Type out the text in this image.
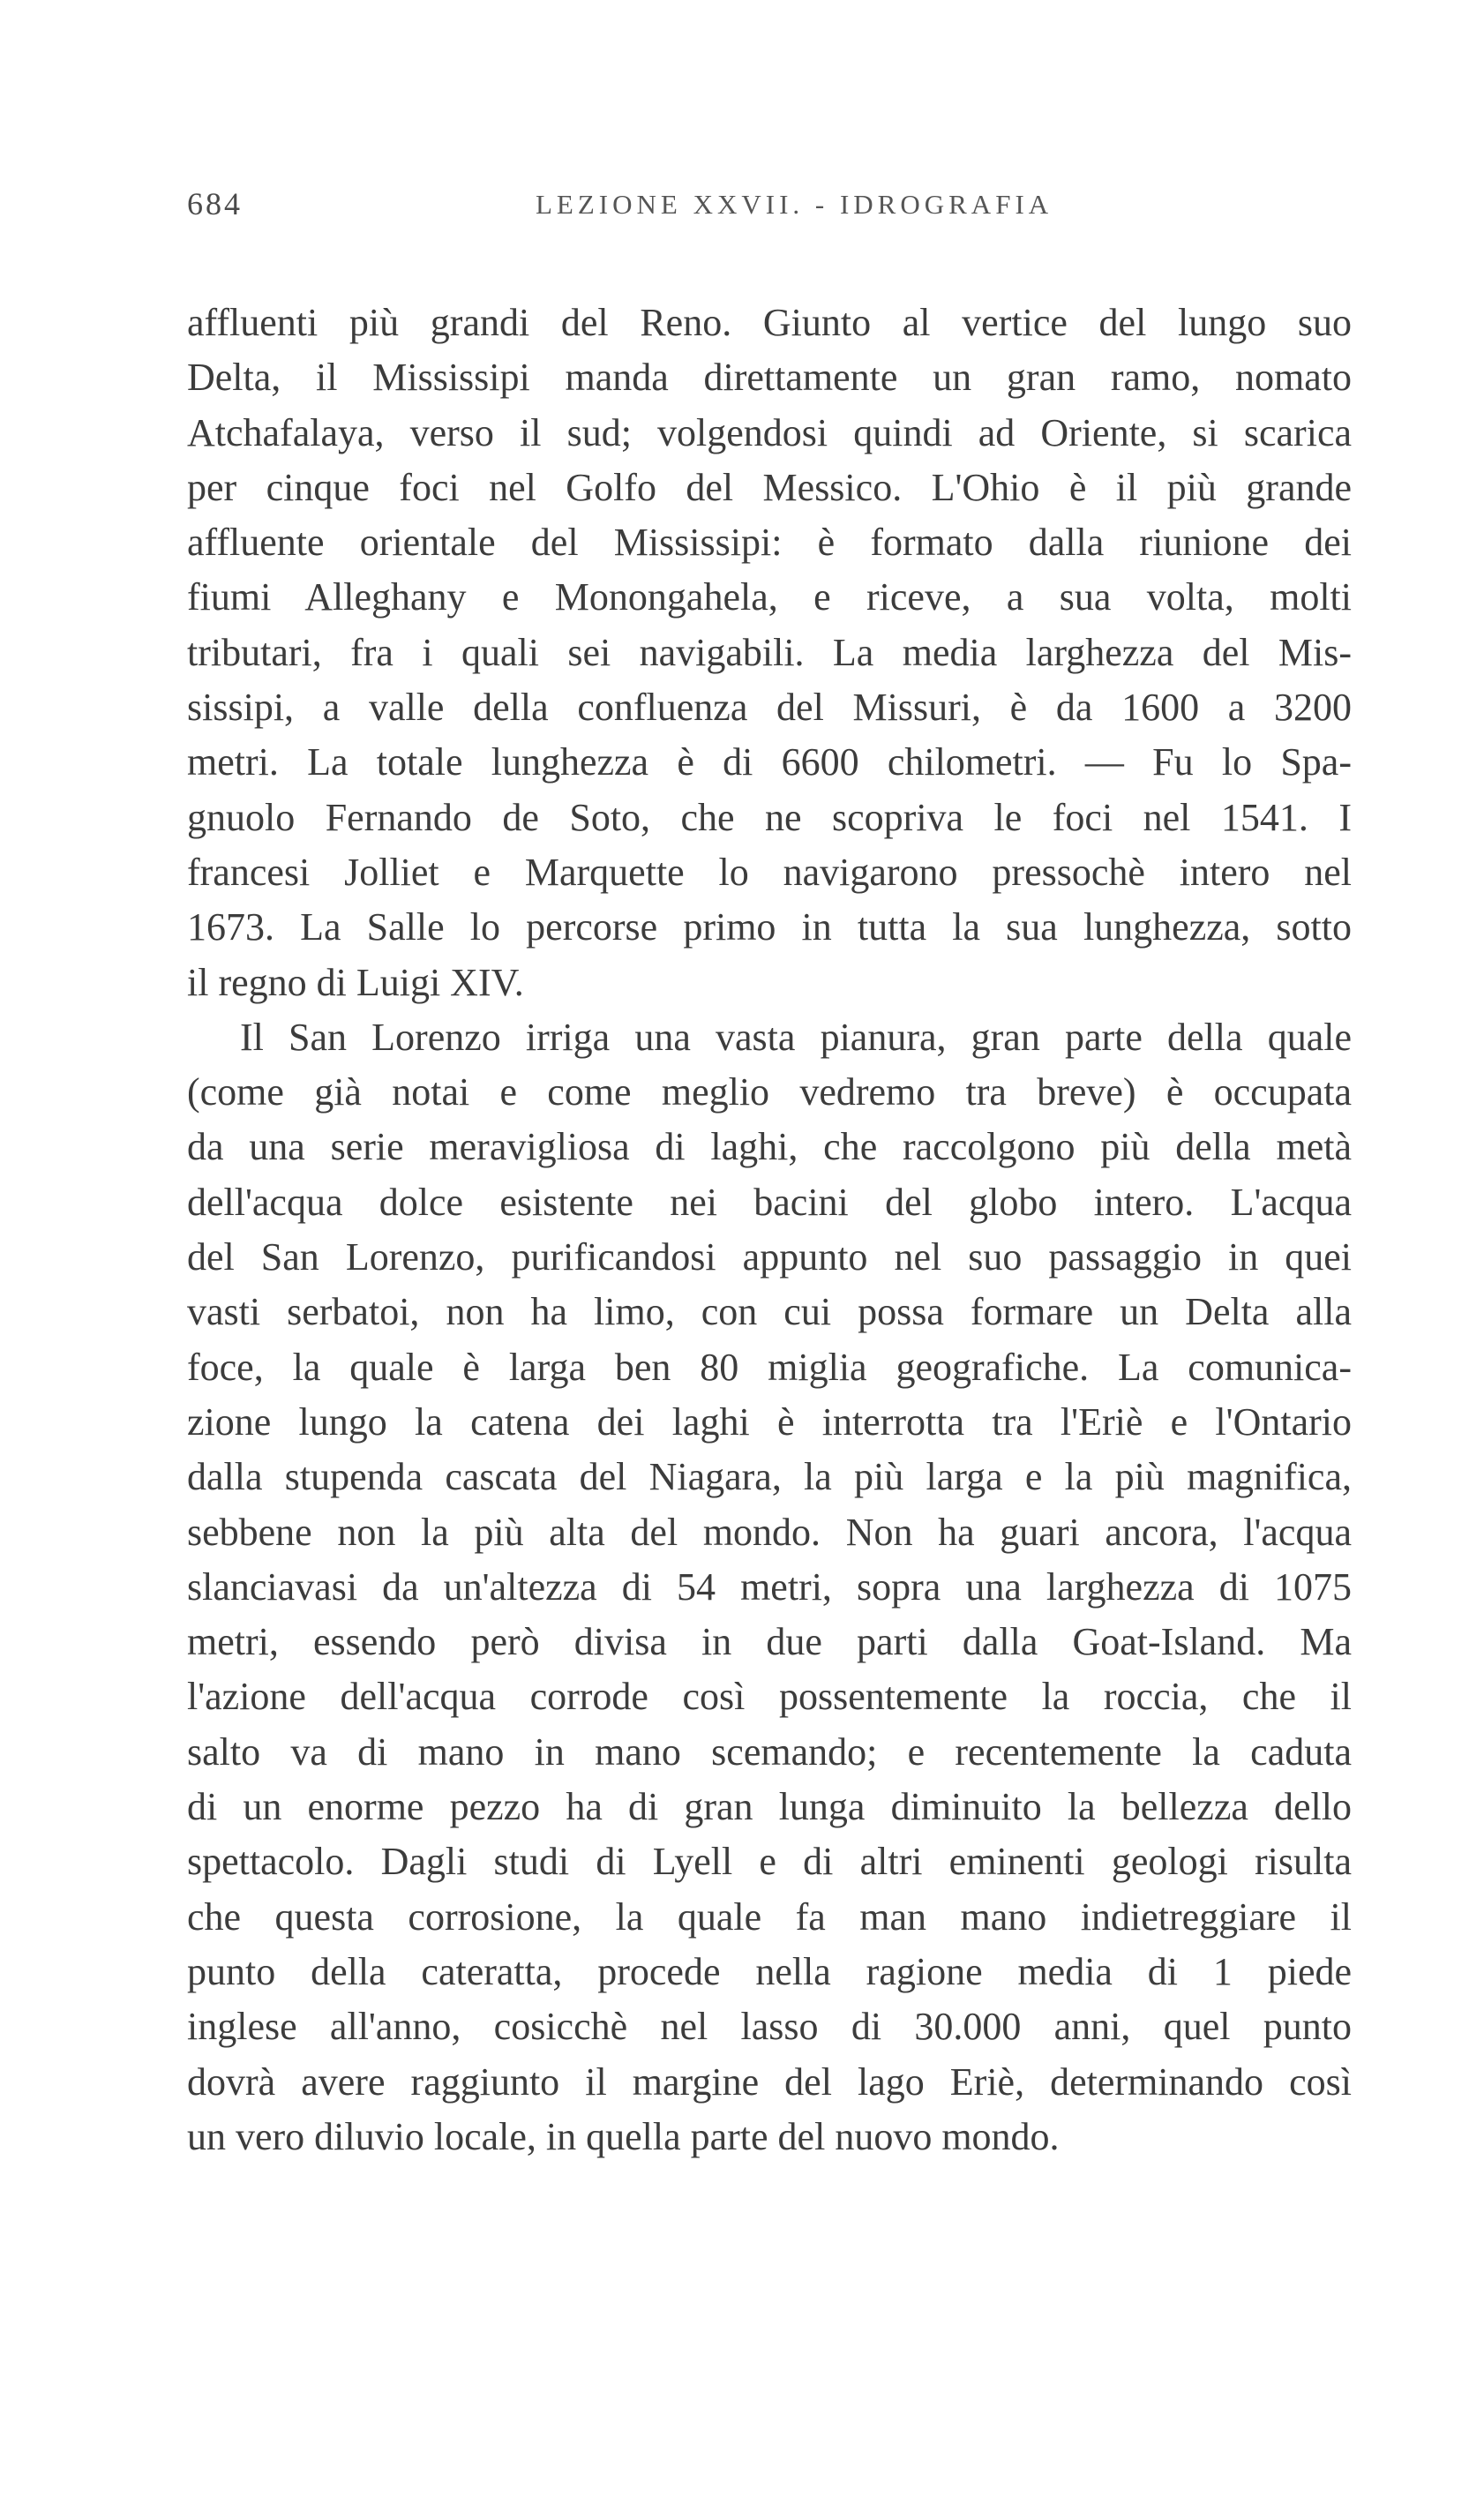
684	LEZIONE XXVII. - IDROGRAFIA
affluenti più grandi del Reno. Giunto al vertice del lungo suo
Delta, il Mississipi manda direttamente un gran ramo, nomato
Atchafalaya, verso il sud; volgendosi quindi ad Oriente, si scarica
per cinque foci nel Golfo del Messico. L'Ohio è il più grande
affluente orientale del Mississipi: è formato dalla riunione dei
fiumi Alleghany e Monongahela, e riceve, a sua volta, molti
tributari, fra i quali sei navigabili. La media larghezza del Mis-
sissipi, a valle della confluenza del Missuri, è da 1600 a 3200
metri. La totale lunghezza è di 6600 chilometri. — Fu lo Spa-
gnuolo Fernando de Soto, che ne scopriva le foci nel 1541. I
francesi Jolliet e Marquette lo navigarono pressochè intero nel
1673. La Salle lo percorse primo in tutta la sua lunghezza, sotto
il regno di Luigi XIV.
Il San Lorenzo irriga una vasta pianura, gran parte della quale
(come già notai e come meglio vedremo tra breve) è occupata
da una serie meravigliosa di laghi, che raccolgono più della metà
dell'acqua dolce esistente nei bacini del globo intero. L'acqua
del San Lorenzo, purificandosi appunto nel suo passaggio in quei
vasti serbatoi, non ha limo, con cui possa formare un Delta alla
foce, la quale è larga ben 80 miglia geografiche. La comunica-
zione lungo la catena dei laghi è interrotta tra l'Eriè e l'Ontario
dalla stupenda cascata del Niagara, la più larga e la più magnifica,
sebbene non la più alta del mondo. Non ha guari ancora, l'acqua
slanciavasi da un'altezza di 54 metri, sopra una larghezza di 1075
metri, essendo però divisa in due parti dalla Goat-Island. Ma
l'azione dell'acqua corrode così possentemente la roccia, che il
salto va di mano in mano scemando; e recentemente la caduta
di un enorme pezzo ha di gran lunga diminuito la bellezza dello
spettacolo. Dagli studi di Lyell e di altri eminenti geologi risulta
che questa corrosione, la quale fa man mano indietreggiare il
punto della cateratta, procede nella ragione media di 1 piede
inglese all'anno, cosicchè nel lasso di 30.000 anni, quel punto
dovrà avere raggiunto il margine del lago Eriè, determinando così
un vero diluvio locale, in quella parte del nuovo mondo.
